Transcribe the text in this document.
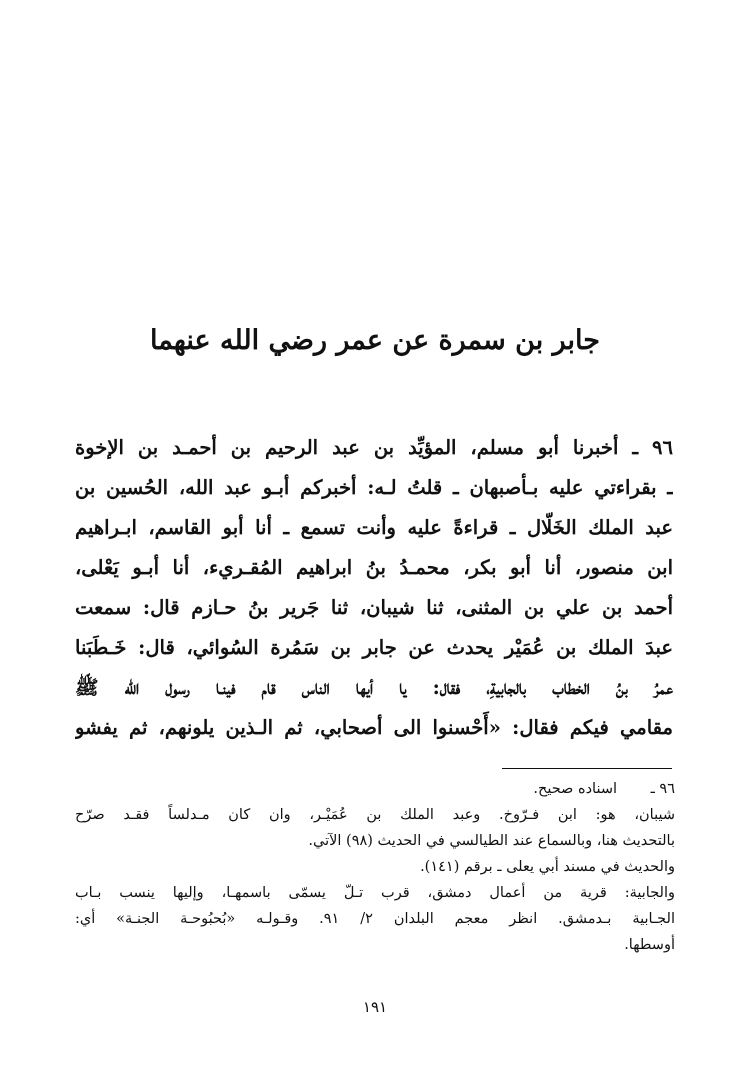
جابر بن سمرة عن عمر رضي الله عنهما
٩٦ ـ أخبرنا أبو مسلم، المؤيِّد بن عبد الرحيم بن أحمـد بن الإخوة
ـ بقراءتي عليه بـأصبهان ـ قلتُ لـه: أخبركم أبـو عبد الله، الحُسين بن
عبد الملك الخَلّال ـ قراءةً عليه وأنت تسمع ـ أنا أبو القاسم، ابـراهيم
ابن منصور، أنا أبو بكر، محمـدُ بنُ ابراهيم المُقـريء، أنا أبـو يَعْلى،
أحمد بن علي بن المثنى، ثنا شيبان، ثنا جَرير بنُ حـازم قال: سمعت
عبدَ الملك بن عُمَيْر يحدث عن جابر بن سَمُرة السُوائي، قال: خَـطَبَنا
عمرُ بنُ الخطاب بالجابيةِ، فقال: يا أيها الناس قام فينـا رسول الله ﷺ
مقامي فيكم فقال: «أَحْسنوا الى أصحابي، ثم الـذين يلونهم، ثم يفشو
٩٦ ـاسناده صحيح.
شيبان، هو: ابن فـرّوخ. وعبد الملك بن عُمَيْـر، وان كان مـدلساً فقـد صرّح
بالتحديث هنا، وبالسماع عند الطيالسي في الحديث (٩٨) الآتي.
والحديث في مسند أبي يعلى ـ برقم (١٤١).
والجابية: قرية من أعمال دمشق، قرب تـلّ يسمّى باسمهـا، وإليها ينسب بـاب
الجـابية بـدمشق. انظر معجم البلدان ٢/ ٩١. وقـولـه «بُحبُوحـة الجنـة» أي:
أوسطها.
١٩١
